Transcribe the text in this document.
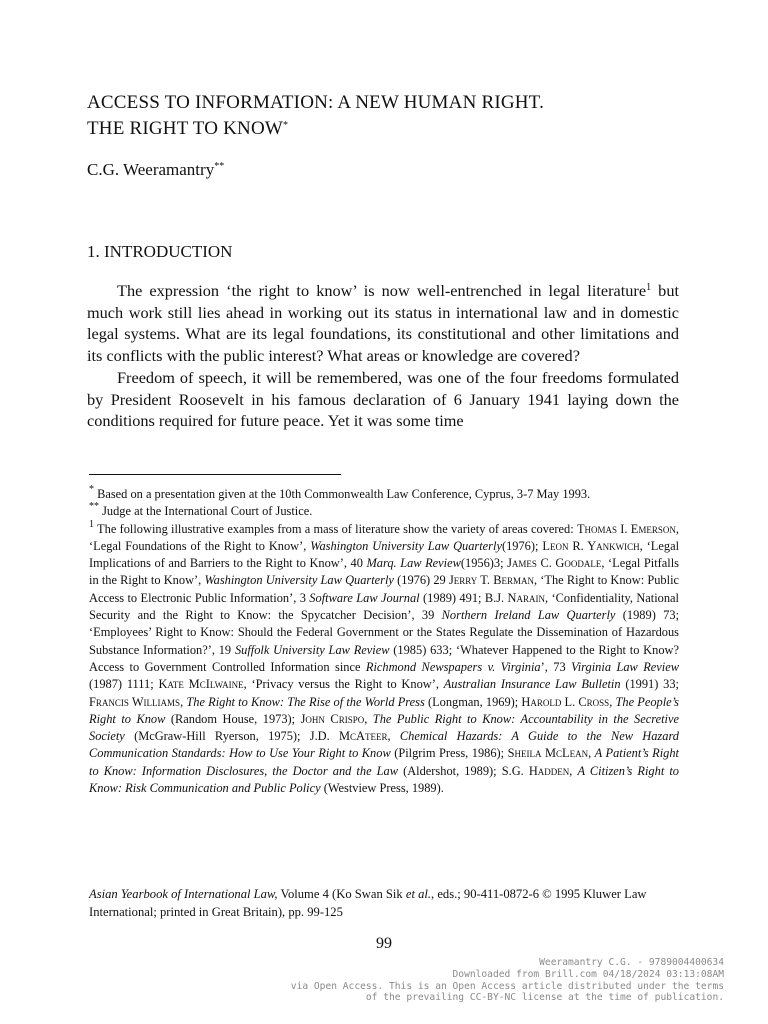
ACCESS TO INFORMATION: A NEW HUMAN RIGHT.
THE RIGHT TO KNOW*

C.G. Weeramantry**

1. INTRODUCTION

The expression ‘the right to know’ is now well-entrenched in legal literature$^1$ but much work still lies ahead in working out its status in international law and in domestic legal systems. What are its legal foundations, its constitutional and other limitations and its conflicts with the public interest? What areas or knowledge are covered?

Freedom of speech, it will be remembered, was one of the four freedoms formulated by President Roosevelt in his famous declaration of 6 January 1941 laying down the conditions required for future peace. Yet it was some time

* Based on a presentation given at the 10th Commonwealth Law Conference, Cyprus, 3-7 May 1993.

** Judge at the International Court of Justice.

$^1$ The following illustrative examples from a mass of literature show the variety of areas covered: Thomas I. Emerson, ‘Legal Foundations of the Right to Know’, Washington University Law Quarterly(1976); Leon R. Yankwich, ‘Legal Implications of and Barriers to the Right to Know’, 40 Marq. Law Review(1956)3; James C. Goodale, ‘Legal Pitfalls in the Right to Know’, Washington University Law Quarterly (1976) 29 Jerry T. Berman, ‘The Right to Know: Public Access to Electronic Public Information’, 3 Software Law Journal (1989) 491; B.J. Narain, ‘Confidentiality, National Security and the Right to Know: the Spycatcher Decision’, 39 Northern Ireland Law Quarterly (1989) 73; ‘Employees’ Right to Know: Should the Federal Government or the States Regulate the Dissemination of Hazardous Substance Information?’, 19 Suffolk University Law Review (1985) 633; ‘Whatever Happened to the Right to Know? Access to Government Controlled Information since Richmond Newspapers v. Virginia’, 73 Virginia Law Review (1987) 1111; Kate McIlwaine, ‘Privacy versus the Right to Know’, Australian Insurance Law Bulletin (1991) 33; Francis Williams, The Right to Know: The Rise of the World Press (Longman, 1969); Harold L. Cross, The People’s Right to Know (Random House, 1973); John Crispo, The Public Right to Know: Accountability in the Secretive Society (McGraw-Hill Ryerson, 1975); J.D. McAteer, Chemical Hazards: A Guide to the New Hazard Communication Standards: How to Use Your Right to Know (Pilgrim Press, 1986); Sheila McLean, A Patient’s Right to Know: Information Disclosures, the Doctor and the Law (Aldershot, 1989); S.G. Hadden, A Citizen’s Right to Know: Risk Communication and Public Policy (Westview Press, 1989).

Asian Yearbook of International Law, Volume 4 (Ko Swan Sik et al., eds.; 90-411-0872-6 © 1995 Kluwer Law International; printed in Great Britain), pp. 99-125

99

Weeramantry C.G. - 9789004400634
Downloaded from Brill.com 04/18/2024 03:13:08AM
via Open Access. This is an Open Access article distributed under the terms
of the prevailing CC-BY-NC license at the time of publication.
